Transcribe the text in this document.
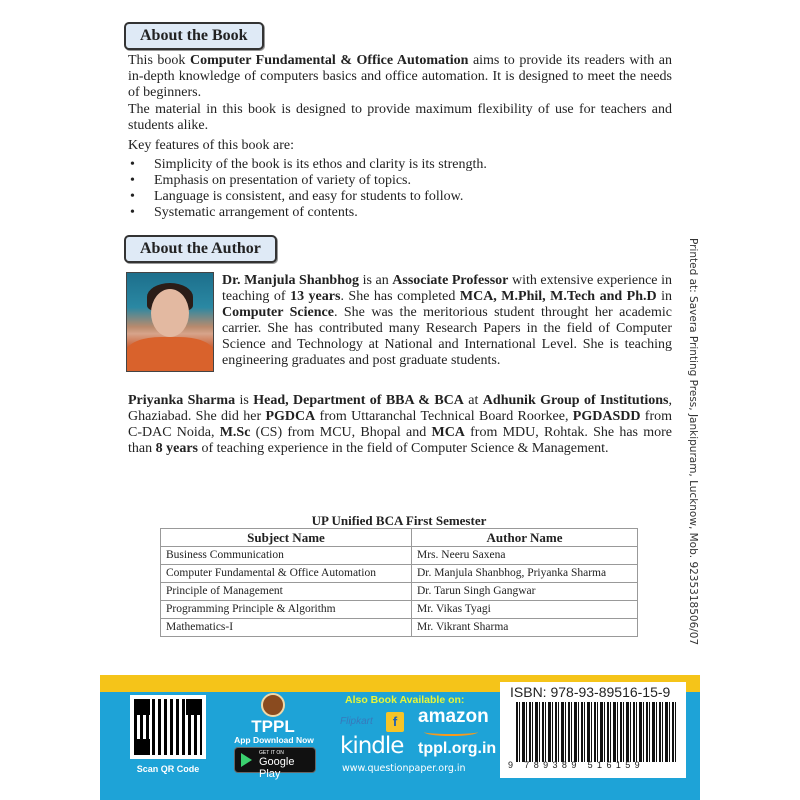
About the Book

This book Computer Fundamental & Office Automation aims to provide its readers with an in-depth knowledge of computers basics and office automation. It is designed to meet the needs of beginners.

The material in this book is designed to provide maximum flexibility of use for teachers and students alike.

Key features of this book are:

• Simplicity of the book is its ethos and clarity is its strength.
• Emphasis on presentation of variety of topics.
• Language is consistent, and easy for students to follow.
• Systematic arrangement of contents.
About the Author

Dr. Manjula Shanbhog is an Associate Professor with extensive experience in teaching of 13 years. She has completed MCA, M.Phil, M.Tech and Ph.D in Computer Science. She was the meritorious student throught her academic carrier. She has contributed many Research Papers in the field of Computer Science and Technology at National and International Level. She is teaching engineering graduates and post graduate students.

Priyanka Sharma is Head, Department of BBA & BCA at Adhunik Group of Institutions, Ghaziabad. She did her PGDCA from Uttaranchal Technical Board Roorkee, PGDASDD from C-DAC Noida, M.Sc (CS) from MCU, Bhopal and MCA from MDU, Rohtak. She has more than 8 years of teaching experience in the field of Computer Science & Management.	Printed at: Savera Printing Press, Jankipuram, Lucknow, Mob. 9235318506/07
UP Unified BCA First Semester
Subject Name	Author Name
Business Communication	Mrs. Neeru Saxena
Computer Fundamental & Office Automation	Dr. Manjula Shanbhog, Priyanka Sharma
Principle of Management	Dr. Tarun Singh Gangwar
Programming Principle & Algorithm	Mr. Vikas Tyagi
Mathematics-I	Mr. Vikrant Sharma
Scan QR Code
TPPL
App Download Now
GET IT ON
Google Play
Also Book Available on:
Flipkart	f	amazon
kindle tppl.org.in
www.questionpaper.org.in
ISBN: 978-93-89516-15-9
9 789389 516159
